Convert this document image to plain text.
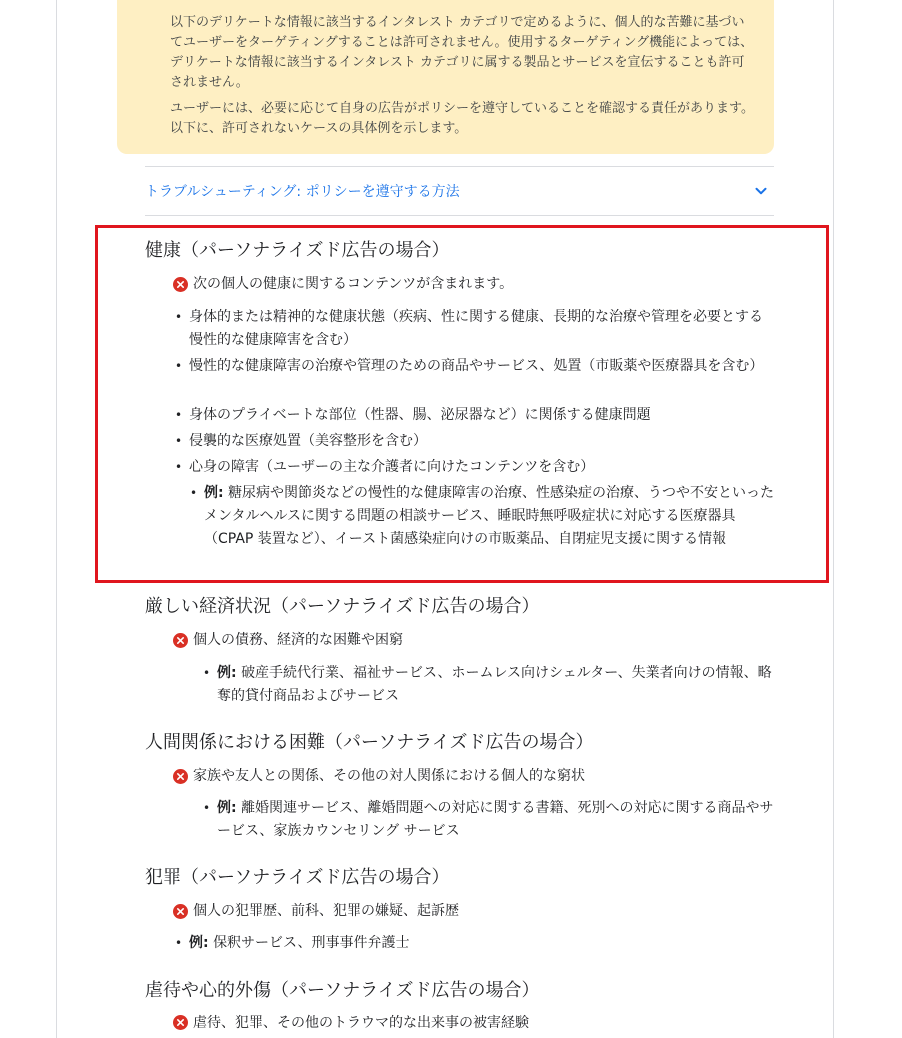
以下のデリケートな情報に該当するインタレスト カテゴリで定めるように、個人的な苦難に基づいてユーザーをターゲティングすることは許可されません。使用するターゲティング機能によっては、デリケートな情報に該当するインタレスト カテゴリに属する製品とサービスを宣伝することも許可されません。

ユーザーには、必要に応じて自身の広告がポリシーを遵守していることを確認する責任があります。以下に、許可されないケースの具体例を示します。

トラブルシューティング: ポリシーを遵守する方法
健康（パーソナライズド広告の場合）
次の個人の健康に関するコンテンツが含まれます。
• 身体的または精神的な健康状態（疾病、性に関する健康、長期的な治療や管理を必要とする慢性的な健康障害を含む）
• 慢性的な健康障害の治療や管理のための商品やサービス、処置（市販薬や医療器具を含む）
• 身体のプライベートな部位（性器、腸、泌尿器など）に関係する健康問題
• 侵襲的な医療処置（美容整形を含む）
• 心身の障害（ユーザーの主な介護者に向けたコンテンツを含む）
• 例: 糖尿病や関節炎などの慢性的な健康障害の治療、性感染症の治療、うつや不安といったメンタルヘルスに関する問題の相談サービス、睡眠時無呼吸症状に対応する医療器具（CPAP 装置など）、イースト菌感染症向けの市販薬品、自閉症児支援に関する情報
厳しい経済状況（パーソナライズド広告の場合）
個人の債務、経済的な困難や困窮
• 例: 破産手続代行業、福祉サービス、ホームレス向けシェルター、失業者向けの情報、略奪的貸付商品およびサービス
人間関係における困難（パーソナライズド広告の場合）
家族や友人との関係、その他の対人関係における個人的な窮状
• 例: 離婚関連サービス、離婚問題への対応に関する書籍、死別への対応に関する商品やサービス、家族カウンセリング サービス
犯罪（パーソナライズド広告の場合）
個人の犯罪歴、前科、犯罪の嫌疑、起訴歴
• 例: 保釈サービス、刑事事件弁護士
虐待や心的外傷（パーソナライズド広告の場合）
虐待、犯罪、その他のトラウマ的な出来事の被害経験
